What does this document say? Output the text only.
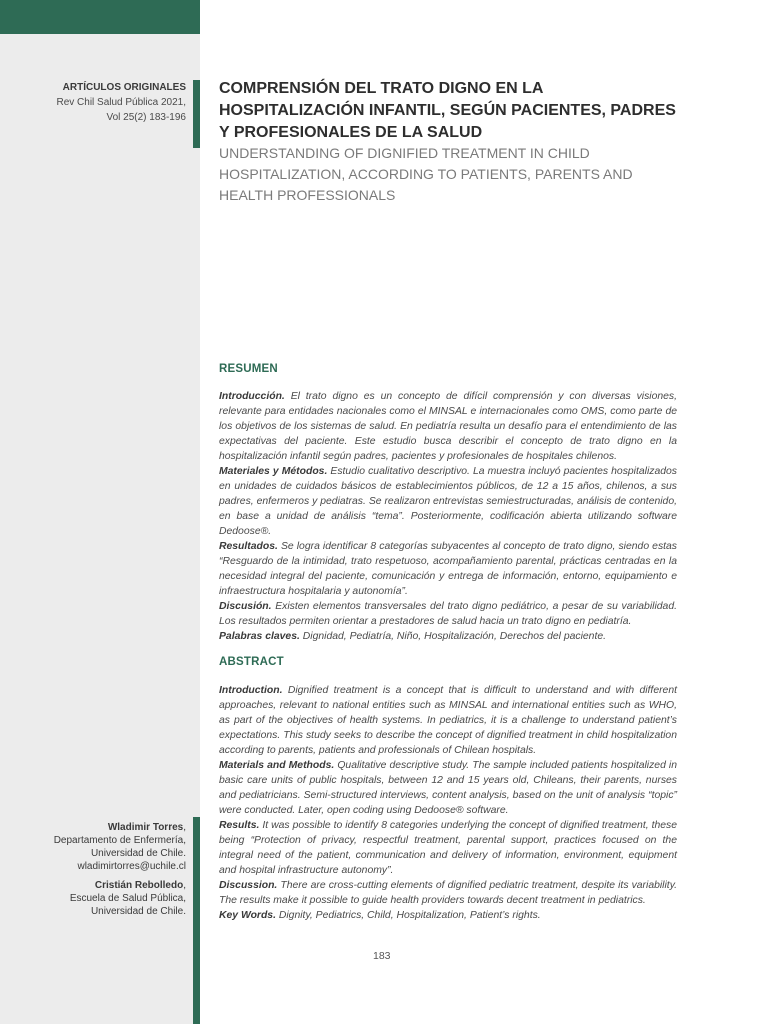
ARTÍCULOS ORIGINALES
Rev Chil Salud Pública 2021,
Vol 25(2) 183-196
COMPRENSIÓN DEL TRATO DIGNO EN LA HOSPITALIZACIÓN INFANTIL, SEGÚN PACIENTES, PADRES Y PROFESIONALES DE LA SALUD
UNDERSTANDING OF DIGNIFIED TREATMENT IN CHILD HOSPITALIZATION, ACCORDING TO PATIENTS, PARENTS AND HEALTH PROFESSIONALS
RESUMEN

Introducción. El trato digno es un concepto de difícil comprensión y con diversas visiones, relevante para entidades nacionales como el MINSAL e internacionales como OMS, como parte de los objetivos de los sistemas de salud. En pediatría resulta un desafío para el entendimiento de las expectativas del paciente. Este estudio busca describir el concepto de trato digno en la hospitalización infantil según padres, pacientes y profesionales de hospitales chilenos.

Materiales y Métodos. Estudio cualitativo descriptivo. La muestra incluyó pacientes hospitalizados en unidades de cuidados básicos de establecimientos públicos, de 12 a 15 años, chilenos, a sus padres, enfermeros y pediatras. Se realizaron entrevistas semiestructuradas, análisis de contenido, en base a unidad de análisis “tema”. Posteriormente, codificación abierta utilizando software Dedoose®.

Resultados. Se logra identificar 8 categorías subyacentes al concepto de trato digno, siendo estas “Resguardo de la intimidad, trato respetuoso, acompañamiento parental, prácticas centradas en la necesidad integral del paciente, comunicación y entrega de información, entorno, equipamiento e infraestructura hospitalaria y autonomía”.

Discusión. Existen elementos transversales del trato digno pediátrico, a pesar de su variabilidad. Los resultados permiten orientar a prestadores de salud hacia un trato digno en pediatría.

Palabras claves. Dignidad, Pediatría, Niño, Hospitalización, Derechos del paciente.

ABSTRACT

Introduction. Dignified treatment is a concept that is difficult to understand and with different approaches, relevant to national entities such as MINSAL and international entities such as WHO, as part of the objectives of health systems. In pediatrics, it is a challenge to understand patient’s expectations. This study seeks to describe the concept of dignified treatment in child hospitalization according to parents, patients and professionals of Chilean hospitals.

Materials and Methods. Qualitative descriptive study. The sample included patients hospitalized in basic care units of public hospitals, between 12 and 15 years old, Chileans, their parents, nurses and pediatricians. Semi-structured interviews, content analysis, based on the unit of analysis “topic” were conducted. Later, open coding using Dedoose® software.

Results. It was possible to identify 8 categories underlying the concept of dignified treatment, these being “Protection of privacy, respectful treatment, parental support, practices focused on the integral need of the patient, communication and delivery of information, environment, equipment and hospital infrastructure autonomy”.

Discussion. There are cross-cutting elements of dignified pediatric treatment, despite its variability. The results make it possible to guide health providers towards decent treatment in pediatrics.

Key Words. Dignity, Pediatrics, Child, Hospitalization, Patient’s rights.

Wladimir Torres,
Departamento de Enfermería,
Universidad de Chile.
wladimirtorres@uchile.cl
Cristián Rebolledo,
Escuela de Salud Pública,
Universidad de Chile.
183
